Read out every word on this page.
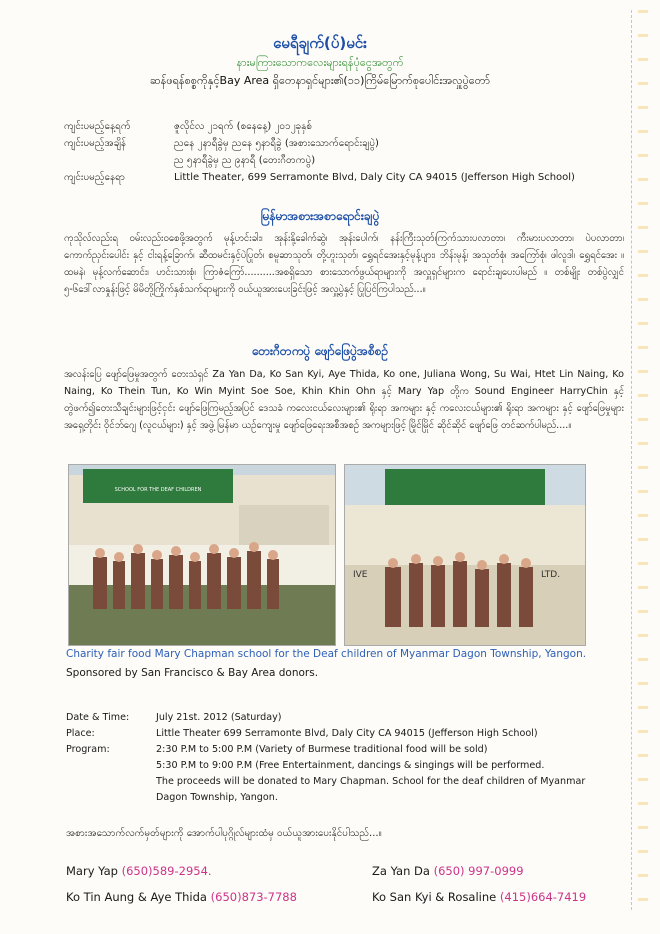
မေရီချက်(ပ်)မင်း
နားမကြားသောကလေးများရန်ပုံငွေအတွက်
ဆန်ဖရန်စစ္စကိုနှင့်Bay Area ရှိတေနာရှင်များ၏(၁၁)ကြိမ်မြောက်စုပေါင်းအလှူပွဲတော်
ကျင်းပမည့်နေ့ရက်	ဇူလိုင်လ ၂၁ရက် (စနေနေ့) ၂၀၁၂ခုနှစ်
ကျင်းပမည့်အချိန်	ညနေ ၂နာရီခွဲမှ ညနေ ၅နာရီခွဲ (အစားသောက်ရောင်းချပွဲ)
ည ၅နာရီခွဲမှ ည ၉နာရီ (တေးဂီတကပွဲ)
ကျင်းပမည့်နေရာ	Little Theater, 699 Serramonte Blvd, Daly City CA 94015 (Jefferson High School)
မြန်မာအစားအစာရောင်းချပွဲ
ကုသိုလ်လည်းရ ဝမ်းလည်းဝစေဖို့အတွက် မုန့်ဟင်းခါး၊ အုန်းနို့ခေါက်ဆွဲ၊ အုန်းပေါက်၊ နန်းကြီးသုတ်၊ကြက်သားပလာတာ၊ ကီးမားပလာတာ၊ ပဲပလာတာ၊ ကောက်ညှင်းပေါင်း နှင့် ငါးရန့်ခြောက်၊ ဆီထမင်းနှင့်ပဲပြုတ်၊ စမူဆာသုတ်၊ တို့ဟူးသုတ်၊ ရွှေရင်အေးနှင့်မုန့်ပျား၊ ဘိန်းမုန့်၊ အသုတ်စုံ၊ အကြော်စုံ၊ ဖါလူဒါ၊ ရွှေရင်အေး ။ ထမနဲ၊ မုန့်လက်ဆောင်း၊ ဟင်းသားစုံ၊ ကြာဇံကြော်..........အစရှိသော စားသောက်ဖွယ်ရာများကို အလှူရှင်များက ရောင်းချပေးပါမည် ။ တစ်မျိုး တစ်ပွဲလျှင် ၅-၆ဒေါ်လာနှုန်းဖြင့် မိမိတို့ကြိုက်နှစ်သက်ရာများကို ဝယ်ယူအားပေးခြင်းဖြင့် အလှူ့ပွဲနှင့် ပြုပြင်ကြပါသည်...။
တေးဂီတကပွဲ ဖျော်ဖြေပွဲအစီစဉ်
အလန်းပြေ ဖျော်ဖြေမှုအတွက် တေးသံရှင် Za Yan Da, Ko San Kyi, Aye Thida, Ko one, Juliana Wong, Su Wai, Htet Lin Naing, Ko Naing, Ko Thein Tun, Ko Win Myint Soe Soe, Khin Khin Ohn နှင့် Mary Yap တို့က Sound Engineer HarryChin နှင့် တွဲဖက်၍တေးသီချင်းများဖြင့်ငှင်း ဖျော်ဖြေကြမည့်အပြင် ဒေသခံ ကလေးငယ်လေးများ၏ ရိုးရာ အကများ နှင့် ကလေးငယ်များ၏ ရိုးရာ အကများ နှင့် ဖျော်ဖြေမှုများ အရှေ့တိုင်း ဝိုင်ဘ်ဂျေ (လူငယ်များ) နှင့် အဖွဲ့ မြန်မာ ယဉ်ကျေးမှု ဖျော်ဖြေရေးအစီအစဉ် အကများဖြင့် မြိုင်မြိုင် ဆိုင်ဆိုင် ဖျော်ဖြေ တင်ဆက်ပါမည်....။
SCHOOL FOR THE DEAF CHILDREN
IVE	LTD.
Charity fair food Mary Chapman school for the Deaf children of Myanmar Dagon Township, Yangon.
Sponsored by San Francisco & Bay Area donors.
Date & Time:	July 21st. 2012 (Saturday)
Place:	Little Theater 699 Serramonte Blvd, Daly City CA 94015 (Jefferson High School)
Program:	2:30 P.M to 5:00 P.M (Variety of Burmese traditional food will be sold)
5:30 P.M to 9:00 P.M (Free Entertainment, dancings & singings will be performed.
The proceeds will be donated to Mary Chapman. School for the deaf children of Myanmar
Dagon Township, Yangon.
အစားအသောက်လက်မှတ်များကို အောက်ပါပုဂ္ဂိုလ်များထံမှ ဝယ်ယူအားပေးနိုင်ပါသည်...။
Mary Yap (650)589-2954.	Za Yan Da (650) 997-0999
Ko Tin Aung & Aye Thida (650)873-7788	Ko San Kyi & Rosaline (415)664-7419
